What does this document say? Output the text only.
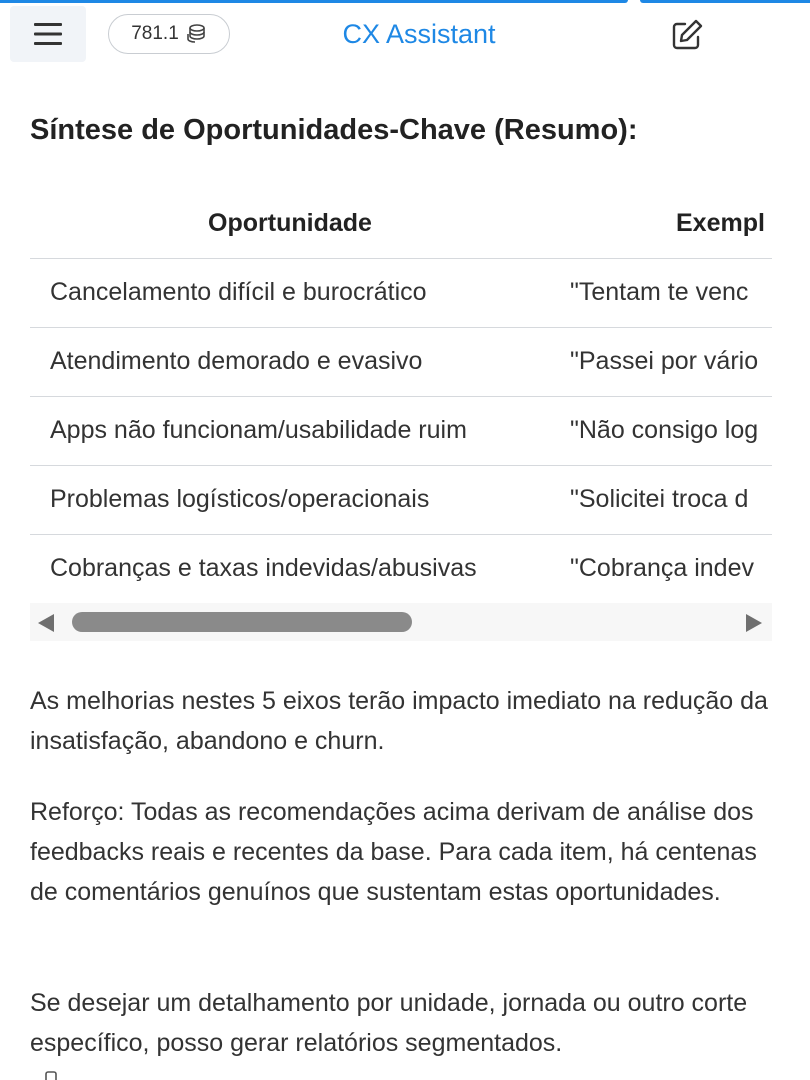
781.1	CX Assistant
Síntese de Oportunidades-Chave (Resumo):
Oportunidade	Exempl
Cancelamento difícil e burocrático	"Tentam te venc
Atendimento demorado e evasivo	"Passei por vário
Apps não funcionam/usabilidade ruim	"Não consigo log
Problemas logísticos/operacionais	"Solicitei troca d
Cobranças e taxas indevidas/abusivas	"Cobrança indev

As melhorias nestes 5 eixos terão impacto imediato na redução da insatisfação, abandono e churn.

Reforço: Todas as recomendações acima derivam de análise dos feedbacks reais e recentes da base. Para cada item, há centenas de comentários genuínos que sustentam estas oportunidades.

Se desejar um detalhamento por unidade, jornada ou outro corte específico, posso gerar relatórios segmentados.
